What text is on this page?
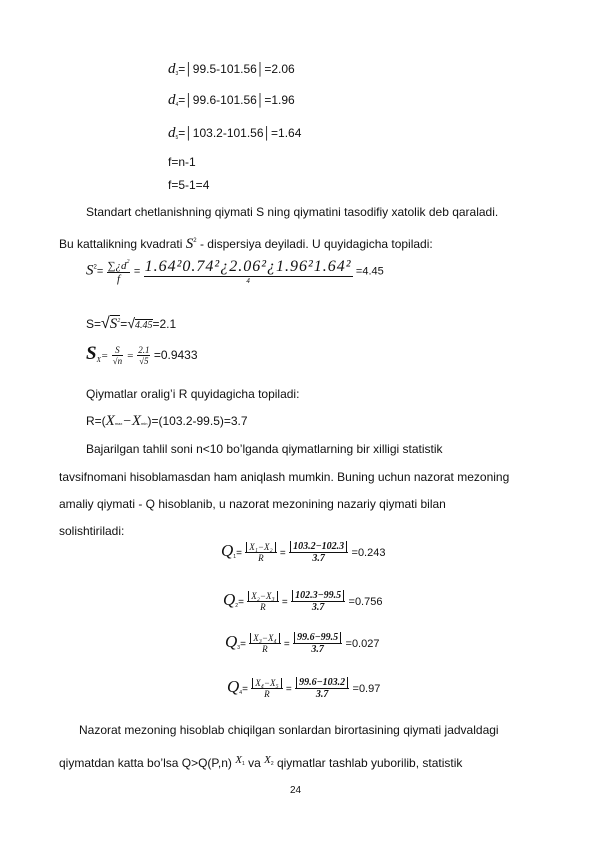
$d_3=│99.5-101.56│=2.06$
$d_4=│99.6-101.56│=1.96$
$d_5=│103.2-101.56│=1.64$
f=n-1
f=5-1=4
Standart chetlanishning qiymati S ning qiymatini tasodifiy xatolik deb qaraladi.
Bu kattalikning kvadrati $S^2$ - dispersiya deyiladi. U quyidagicha topiladi:
$S^2= \frac{\sum¿d^2}{f} = \frac{\text{1.64²0.74²¿2.06²¿1.96²1.64²}}{4} =4.45$
$S=√S^2=√4.45=2.1$
$S_X= \frac{S}{√n} = \frac{2.1}{√5} =0.9433$
Qiymatlar oralig’i R quyidagicha topiladi:
R=(Xmax−Xmin)=(103.2-99.5)=3.7
Bajarilgan tahlil soni n<10 bo’lganda qiymatlarning bir xilligi statistik
tavsifnomani hisoblamasdan ham aniqlash mumkin. Buning uchun nazorat mezoning
amaliy qiymati - Q hisoblanib, u nazorat mezonining nazariy qiymati bilan
solishtiriladi:
$Q_1= \frac{\text{X₁−X₂}}{R} = \frac{103.2-102.3}{3.7} =0.243$
$Q_2= \frac{\text{X₂−X₃}}{R} = \frac{102.3-99.5}{3.7} =0.756$
$Q_3= \frac{\text{X₃−X₄}}{R} = \frac{99.6-99.5}{3.7} =0.027$
$Q_4= \frac{\text{X₄−X₅}}{R} = \frac{99.6-103.2}{3.7} =0.97$
Nazorat mezoning hisoblab chiqilgan sonlardan birortasining qiymati jadvaldagi
qiymatdan katta bo’lsa Q>Q(P,n) X1 va X2 qiymatlar tashlab yuborilib, statistik
24
